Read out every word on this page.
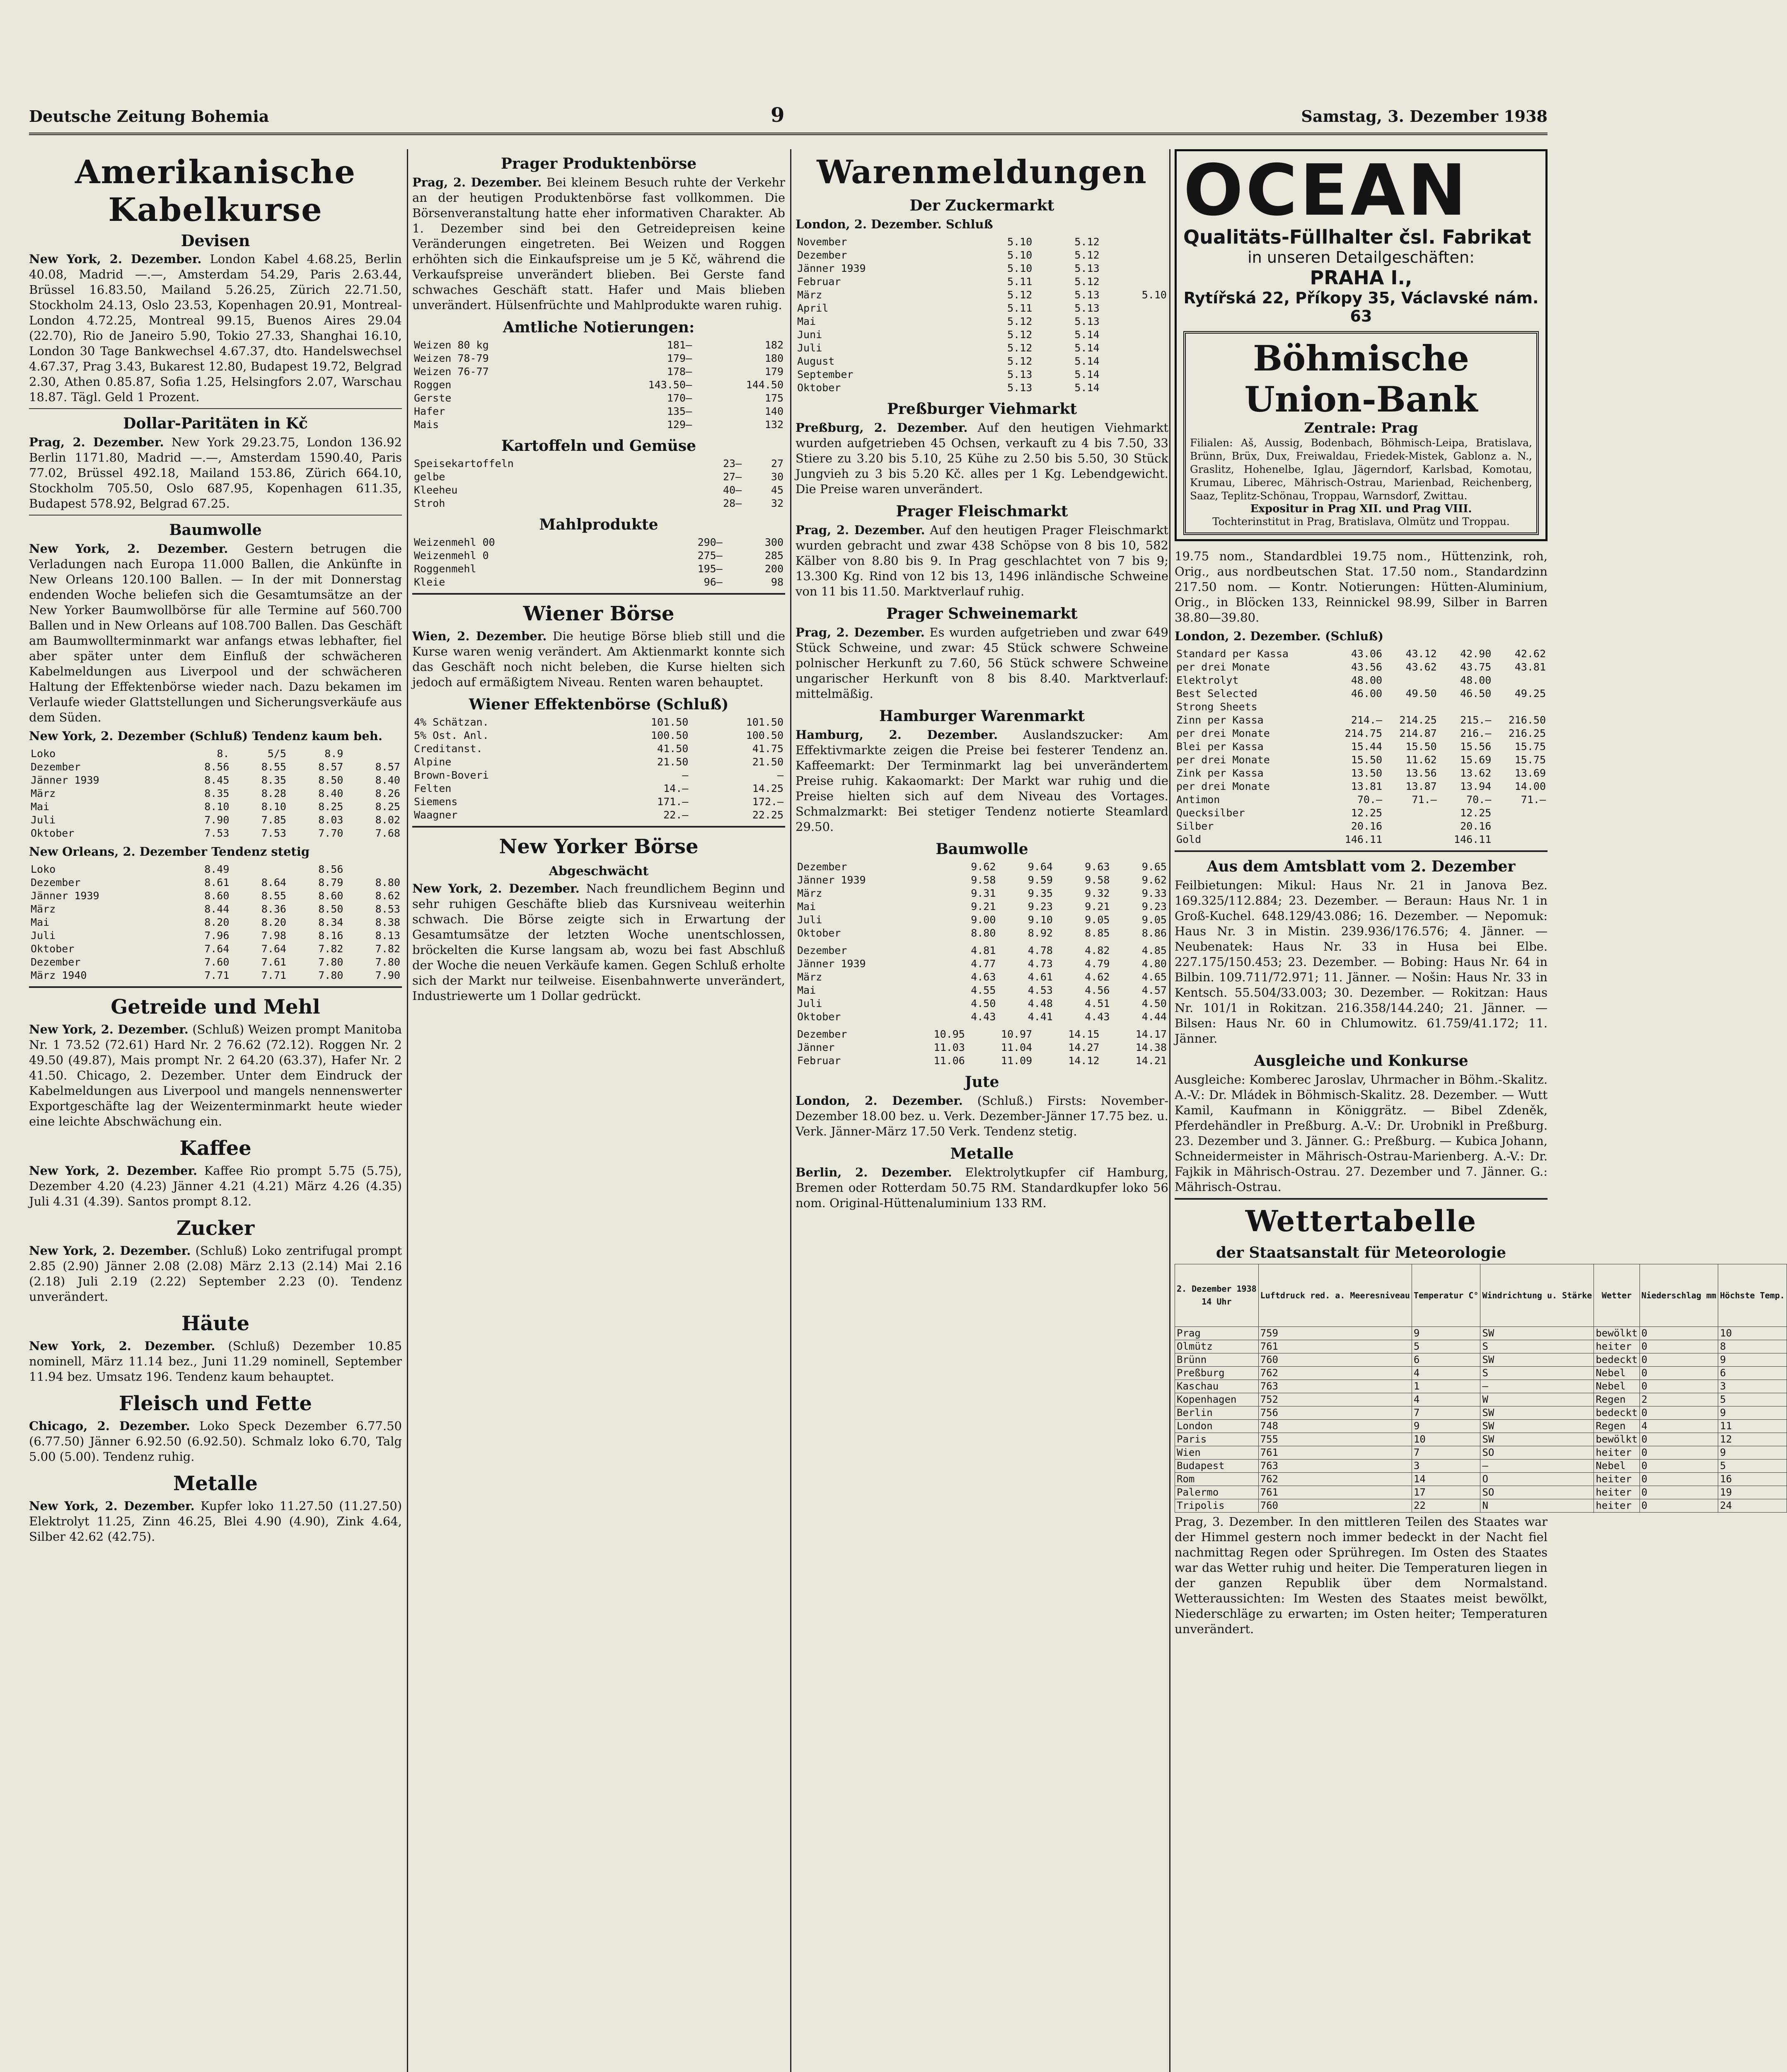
Deutsche Zeitung Bohemia	9	Samstag, 3. Dezember 1938
Amerikanische Kabelkurse
Devisen

New York, 2. Dezember. London Kabel 4.68.25, Berlin 40.08, Madrid —.—, Amsterdam 54.29, Paris 2.63.44, Brüssel 16.83.50, Mailand 5.26.25, Zürich 22.71.50, Stockholm 24.13, Oslo 23.53, Kopenhagen 20.91, Montreal-London 4.72.25, Montreal 99.15, Buenos Aires 29.04 (22.70), Rio de Janeiro 5.90, Tokio 27.33, Shanghai 16.10, London 30 Tage Bankwechsel 4.67.37, dto. Handelswechsel 4.67.37, Prag 3.43, Bukarest 12.80, Budapest 19.72, Belgrad 2.30, Athen 0.85.87, Sofia 1.25, Helsingfors 2.07, Warschau 18.87. Tägl. Geld 1 Prozent.

Dollar-Paritäten in Kč

Prag, 2. Dezember. New York 29.23.75, London 136.92 Berlin 1171.80, Madrid —.—, Amsterdam 1590.40, Paris 77.02, Brüssel 492.18, Mailand 153.86, Zürich 664.10, Stockholm 705.50, Oslo 687.95, Kopenhagen 611.35, Budapest 578.92, Belgrad 67.25.

Baumwolle

New York, 2. Dezember. Gestern betrugen die Verladungen nach Europa 11.000 Ballen, die Ankünfte in New Orleans 120.100 Ballen. — In der mit Donnerstag endenden Woche beliefen sich die Gesamtumsätze an der New Yorker Baumwollbörse für alle Termine auf 560.700 Ballen und in New Orleans auf 108.700 Ballen. Das Geschäft am Baumwollterminmarkt war anfangs etwas lebhafter, fiel aber später unter dem Einfluß der schwächeren Kabelmeldungen aus Liverpool und der schwächeren Haltung der Effektenbörse wieder nach. Dazu bekamen im Verlaufe wieder Glattstellungen und Sicherungsverkäufe aus dem Süden.

New York, 2. Dezember (Schluß) Tendenz kaum beh.

Loko	8.	5/5	8.9	
Dezember	8.56	8.55	8.57	8.57
Jänner 1939	8.45	8.35	8.50	8.40
März	8.35	8.28	8.40	8.26
Mai	8.10	8.10	8.25	8.25
Juli	7.90	7.85	8.03	8.02
Oktober	7.53	7.53	7.70	7.68

New Orleans, 2. Dezember Tendenz stetig

Loko	8.49		8.56	
Dezember	8.61	8.64	8.79	8.80
Jänner 1939	8.60	8.55	8.60	8.62
März	8.44	8.36	8.50	8.53
Mai	8.20	8.20	8.34	8.38
Juli	7.96	7.98	8.16	8.13
Oktober	7.64	7.64	7.82	7.82
Dezember	7.60	7.61	7.80	7.80
März 1940	7.71	7.71	7.80	7.90
Getreide und Mehl

New York, 2. Dezember. (Schluß) Weizen prompt Manitoba Nr. 1 73.52 (72.61) Hard Nr. 2 76.62 (72.12). Roggen Nr. 2 49.50 (49.87), Mais prompt Nr. 2 64.20 (63.37), Hafer Nr. 2 41.50. Chicago, 2. Dezember. Unter dem Eindruck der Kabelmeldungen aus Liverpool und mangels nennenswerter Exportgeschäfte lag der Weizenterminmarkt heute wieder eine leichte Abschwächung ein.

Kaffee

New York, 2. Dezember. Kaffee Rio prompt 5.75 (5.75), Dezember 4.20 (4.23) Jänner 4.21 (4.21) März 4.26 (4.35) Juli 4.31 (4.39). Santos prompt 8.12.

Zucker

New York, 2. Dezember. (Schluß) Loko zentrifugal prompt 2.85 (2.90) Jänner 2.08 (2.08) März 2.13 (2.14) Mai 2.16 (2.18) Juli 2.19 (2.22) September 2.23 (0). Tendenz unverändert.

Häute

New York, 2. Dezember. (Schluß) Dezember 10.85 nominell, März 11.14 bez., Juni 11.29 nominell, September 11.94 bez. Umsatz 196. Tendenz kaum behauptet.

Fleisch und Fette

Chicago, 2. Dezember. Loko Speck Dezember 6.77.50 (6.77.50) Jänner 6.92.50 (6.92.50). Schmalz loko 6.70, Talg 5.00 (5.00). Tendenz ruhig.

Metalle

New York, 2. Dezember. Kupfer loko 11.27.50 (11.27.50) Elektrolyt 11.25, Zinn 46.25, Blei 4.90 (4.90), Zink 4.64, Silber 42.62 (42.75).

Prager Produktenbörse

Prag, 2. Dezember. Bei kleinem Besuch ruhte der Verkehr an der heutigen Produktenbörse fast vollkommen. Die Börsenveranstaltung hatte eher informativen Charakter. Ab 1. Dezember sind bei den Getreidepreisen keine Veränderungen eingetreten. Bei Weizen und Roggen erhöhten sich die Einkaufspreise um je 5 Kč, während die Verkaufspreise unverändert blieben. Bei Gerste fand schwaches Geschäft statt. Hafer und Mais blieben unverändert. Hülsenfrüchte und Mahlprodukte waren ruhig.

Amtliche Notierungen:
Weizen 80 kg	181—	182
Weizen 78-79	179—	180
Weizen 76-77	178—	179
Roggen	143.50—	144.50
Gerste	170—	175
Hafer	135—	140
Mais	129—	132
Kartoffeln und Gemüse
Speisekartoffeln	23—	27
gelbe	27—	30
Kleeheu	40—	45
Stroh	28—	32
Mahlprodukte
Weizenmehl 00	290—	300
Weizenmehl 0	275—	285
Roggenmehl	195—	200
Kleie	96—	98
Wiener Börse

Wien, 2. Dezember. Die heutige Börse blieb still und die Kurse waren wenig verändert. Am Aktienmarkt konnte sich das Geschäft noch nicht beleben, die Kurse hielten sich jedoch auf ermäßigtem Niveau. Renten waren behauptet.

Wiener Effektenbörse (Schluß)
4% Schätzan.	101.50	101.50
5% Ost. Anl.	100.50	100.50
Creditanst.	41.50	41.75
Alpine	21.50	21.50
Brown-Boveri	—	—
Felten	14.—	14.25
Siemens	171.—	172.—
Waagner	22.—	22.25
New Yorker Börse
Abgeschwächt

New York, 2. Dezember. Nach freundlichem Beginn und sehr ruhigen Geschäfte blieb das Kursniveau weiterhin schwach. Die Börse zeigte sich in Erwartung der Gesamtumsätze der letzten Woche unentschlossen, bröckelten die Kurse langsam ab, wozu bei fast Abschluß der Woche die neuen Verkäufe kamen. Gegen Schluß erholte sich der Markt nur teilweise. Eisenbahnwerte unverändert, Industriewerte um 1 Dollar gedrückt.

Warenmeldungen
Der Zuckermarkt

London, 2. Dezember. Schluß

November	5.10	5.12	
Dezember	5.10	5.12	
Jänner 1939	5.10	5.13	
Februar	5.11	5.12	
März	5.12	5.13	5.10
April	5.11	5.13	
Mai	5.12	5.13	
Juni	5.12	5.14	
Juli	5.12	5.14	
August	5.12	5.14	
September	5.13	5.14	
Oktober	5.13	5.14	
Preßburger Viehmarkt

Preßburg, 2. Dezember. Auf den heutigen Viehmarkt wurden aufgetrieben 45 Ochsen, verkauft zu 4 bis 7.50, 33 Stiere zu 3.20 bis 5.10, 25 Kühe zu 2.50 bis 5.50, 30 Stück Jungvieh zu 3 bis 5.20 Kč. alles per 1 Kg. Lebendgewicht. Die Preise waren unverändert.

Prager Fleischmarkt

Prag, 2. Dezember. Auf den heutigen Prager Fleischmarkt wurden gebracht und zwar 438 Schöpse von 8 bis 10, 582 Kälber von 8.80 bis 9. In Prag geschlachtet von 7 bis 9; 13.300 Kg. Rind von 12 bis 13, 1496 inländische Schweine von 11 bis 11.50. Marktverlauf ruhig.

Prager Schweinemarkt

Prag, 2. Dezember. Es wurden aufgetrieben und zwar 649 Stück Schweine, und zwar: 45 Stück schwere Schweine polnischer Herkunft zu 7.60, 56 Stück schwere Schweine ungarischer Herkunft von 8 bis 8.40. Marktverlauf: mittelmäßig.

Hamburger Warenmarkt

Hamburg, 2. Dezember. Auslandszucker: Am Effektivmarkte zeigen die Preise bei festerer Tendenz an. Kaffeemarkt: Der Terminmarkt lag bei unverändertem Preise ruhig. Kakaomarkt: Der Markt war ruhig und die Preise hielten sich auf dem Niveau des Vortages. Schmalzmarkt: Bei stetiger Tendenz notierte Steamlard 29.50.

Baumwolle
Dezember	9.62	9.64	9.63	9.65
Jänner 1939	9.58	9.59	9.58	9.62
März	9.31	9.35	9.32	9.33
Mai	9.21	9.23	9.21	9.23
Juli	9.00	9.10	9.05	9.05
Oktober	8.80	8.92	8.85	8.86
Dezember	4.81	4.78	4.82	4.85
Jänner 1939	4.77	4.73	4.79	4.80
März	4.63	4.61	4.62	4.65
Mai	4.55	4.53	4.56	4.57
Juli	4.50	4.48	4.51	4.50
Oktober	4.43	4.41	4.43	4.44
Dezember	10.95	10.97	14.15	14.17
Jänner	11.03	11.04	14.27	14.38
Februar	11.06	11.09	14.12	14.21
Jute

London, 2. Dezember. (Schluß.) Firsts: November-Dezember 18.00 bez. u. Verk. Dezember-Jänner 17.75 bez. u. Verk. Jänner-März 17.50 Verk. Tendenz stetig.

Metalle

Berlin, 2. Dezember. Elektrolytkupfer cif Hamburg, Bremen oder Rotterdam 50.75 RM. Standardkupfer loko 56 nom. Original-Hüttenaluminium 133 RM.

OCEAN
Qualitäts-Füllhalter čsl. Fabrikat
in unseren Detailgeschäften:
PRAHA I.,
Rytířská 22, Příkopy 35, Václavské nám. 63
Böhmische Union-Bank
Zentrale: Prag
Filialen: Aš, Aussig, Bodenbach, Böhmisch-Leipa, Bratislava, Brünn, Brüx, Dux, Freiwaldau, Friedek-Mistek, Gablonz a. N., Graslitz, Hohenelbe, Iglau, Jägerndorf, Karlsbad, Komotau, Krumau, Liberec, Mährisch-Ostrau, Marienbad, Reichenberg, Saaz, Teplitz-Schönau, Troppau, Warnsdorf, Zwittau.
Expositur in Prag XII. und Prag VIII.
Tochterinstitut in Prag, Bratislava, Olmütz und Troppau.

19.75 nom., Standardblei 19.75 nom., Hüttenzink, roh, Orig., aus nordbeutschen Stat. 17.50 nom., Standardzinn 217.50 nom. — Kontr. Notierungen: Hütten-Aluminium, Orig., in Blöcken 133, Reinnickel 98.99, Silber in Barren 38.80—39.80.

London, 2. Dezember. (Schluß)

Standard per Kassa	43.06	43.12	42.90	42.62
per drei Monate	43.56	43.62	43.75	43.81
Elektrolyt	48.00		48.00	
Best Selected	46.00	49.50	46.50	49.25
Strong Sheets				
Zinn per Kassa	214.—	214.25	215.—	216.50
per drei Monate	214.75	214.87	216.—	216.25
Blei per Kassa	15.44	15.50	15.56	15.75
per drei Monate	15.50	11.62	15.69	15.75
Zink per Kassa	13.50	13.56	13.62	13.69
per drei Monate	13.81	13.87	13.94	14.00
Antimon	70.—	71.—	70.—	71.—
Quecksilber	12.25		12.25	
Silber	20.16		20.16	
Gold	146.11		146.11	
Aus dem Amtsblatt vom 2. Dezember

Feilbietungen: Mikul: Haus Nr. 21 in Janova Bez. 169.325/112.884; 23. Dezember. — Beraun: Haus Nr. 1 in Groß-Kuchel. 648.129/43.086; 16. Dezember. — Nepomuk: Haus Nr. 3 in Mistin. 239.936/176.576; 4. Jänner. — Neubenatek: Haus Nr. 33 in Husa bei Elbe. 227.175/150.453; 23. Dezember. — Bobing: Haus Nr. 64 in Bilbin. 109.711/72.971; 11. Jänner. — Nošin: Haus Nr. 33 in Kentsch. 55.504/33.003; 30. Dezember. — Rokitzan: Haus Nr. 101/1 in Rokitzan. 216.358/144.240; 21. Jänner. — Bilsen: Haus Nr. 60 in Chlumowitz. 61.759/41.172; 11. Jänner.

Ausgleiche und Konkurse

Ausgleiche: Komberec Jaroslav, Uhrmacher in Böhm.-Skalitz. A.-V.: Dr. Mládek in Böhmisch-Skalitz. 28. Dezember. — Wutt Kamil, Kaufmann in Königgrätz. — Bibel Zdeněk, Pferdehändler in Preßburg. A.-V.: Dr. Urobnikl in Preßburg. 23. Dezember und 3. Jänner. G.: Preßburg. — Kubica Johann, Schneidermeister in Mährisch-Ostrau-Marienberg. A.-V.: Dr. Fajkik in Mährisch-Ostrau. 27. Dezember und 7. Jänner. G.: Mährisch-Ostrau.

Wettertabelle
der Staatsanstalt für Meteorologie
2. Dezember 1938
14 Uhr	Luftdruck red. a. Meeresniveau	Temperatur C°	Windrichtung u. Stärke	Wetter	Niederschlag mm	Höchste Temp.
Prag	759	9	SW	bewölkt	0	10
Olmütz	761	5	S	heiter	0	8
Brünn	760	6	SW	bedeckt	0	9
Preßburg	762	4	S	Nebel	0	6
Kaschau	763	1	—	Nebel	0	3
Kopenhagen	752	4	W	Regen	2	5
Berlin	756	7	SW	bedeckt	0	9
London	748	9	SW	Regen	4	11
Paris	755	10	SW	bewölkt	0	12
Wien	761	7	SO	heiter	0	9
Budapest	763	3	—	Nebel	0	5
Rom	762	14	O	heiter	0	16
Palermo	761	17	SO	heiter	0	19
Tripolis	760	22	N	heiter	0	24

Prag, 3. Dezember. In den mittleren Teilen des Staates war der Himmel gestern noch immer bedeckt in der Nacht fiel nachmittag Regen oder Sprühregen. Im Osten des Staates war das Wetter ruhig und heiter. Die Temperaturen liegen in der ganzen Republik über dem Normalstand. Wetteraussichten: Im Westen des Staates meist bewölkt, Niederschläge zu erwarten; im Osten heiter; Temperaturen unverändert.
